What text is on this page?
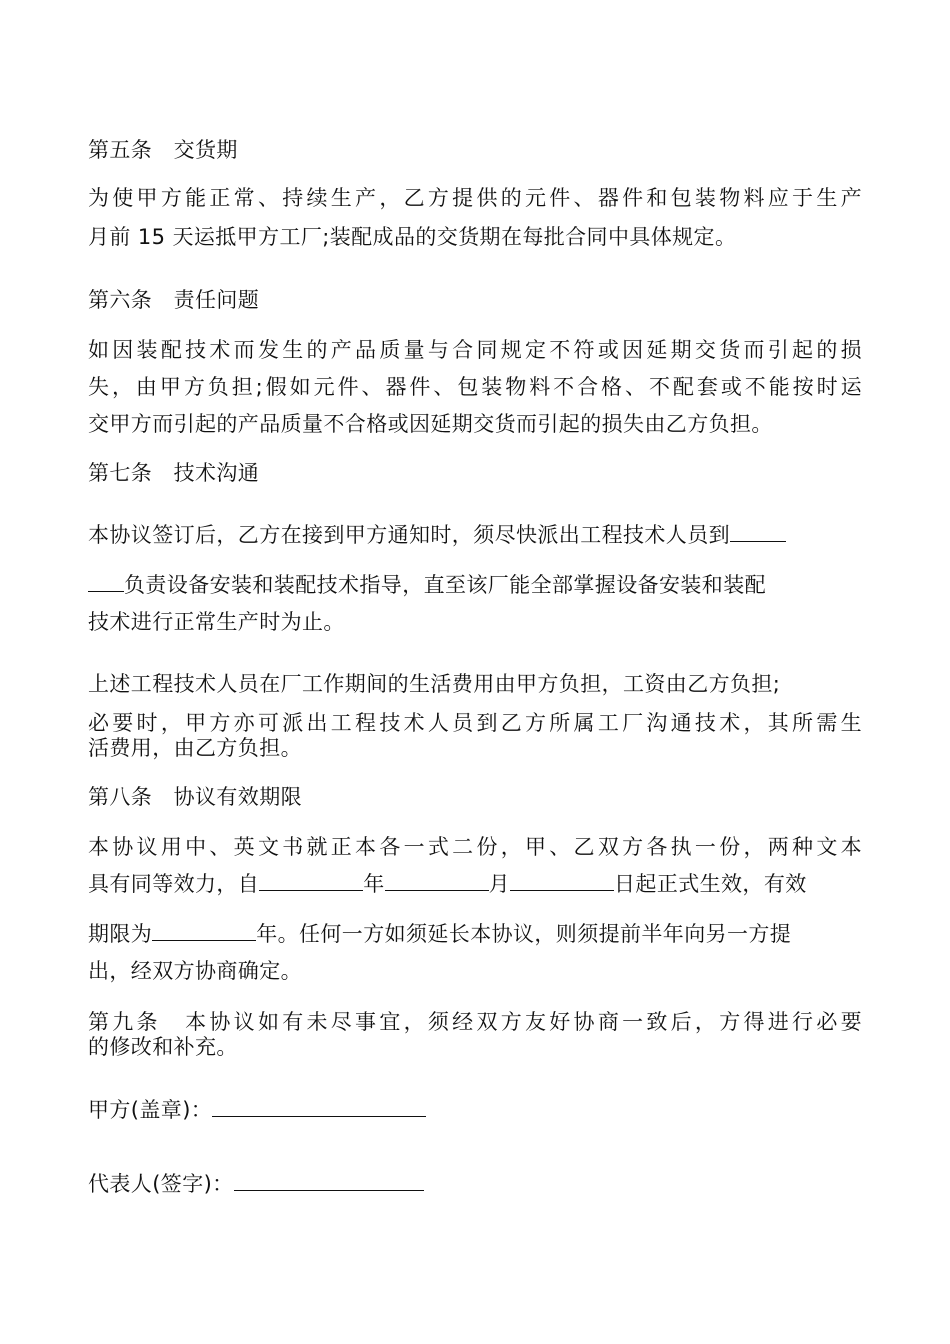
第五条　交货期

为使甲方能正常、持续生产，乙方提供的元件、器件和包装物料应于生产

月前 15 天运抵甲方工厂;装配成品的交货期在每批合同中具体规定。

第六条　责任问题

如因装配技术而发生的产品质量与合同规定不符或因延期交货而引起的损

失，由甲方负担;假如元件、器件、包装物料不合格、不配套或不能按时运

交甲方而引起的产品质量不合格或因延期交货而引起的损失由乙方负担。

第七条　技术沟通

本协议签订后，乙方在接到甲方通知时，须尽快派出工程技术人员到

负责设备安装和装配技术指导，直至该厂能全部掌握设备安装和装配

技术进行正常生产时为止。

上述工程技术人员在厂工作期间的生活费用由甲方负担，工资由乙方负担;

必要时，甲方亦可派出工程技术人员到乙方所属工厂沟通技术，其所需生

活费用，由乙方负担。

第八条　协议有效期限

本协议用中、英文书就正本各一式二份，甲、乙双方各执一份，两种文本

具有同等效力，自	年	月	日起正式生效，有效

期限为	年。任何一方如须延长本协议，则须提前半年向另一方提

出，经双方协商确定。

第九条　本协议如有未尽事宜，须经双方友好协商一致后，方得进行必要

的修改和补充。

甲方(盖章)：

代表人(签字)：
